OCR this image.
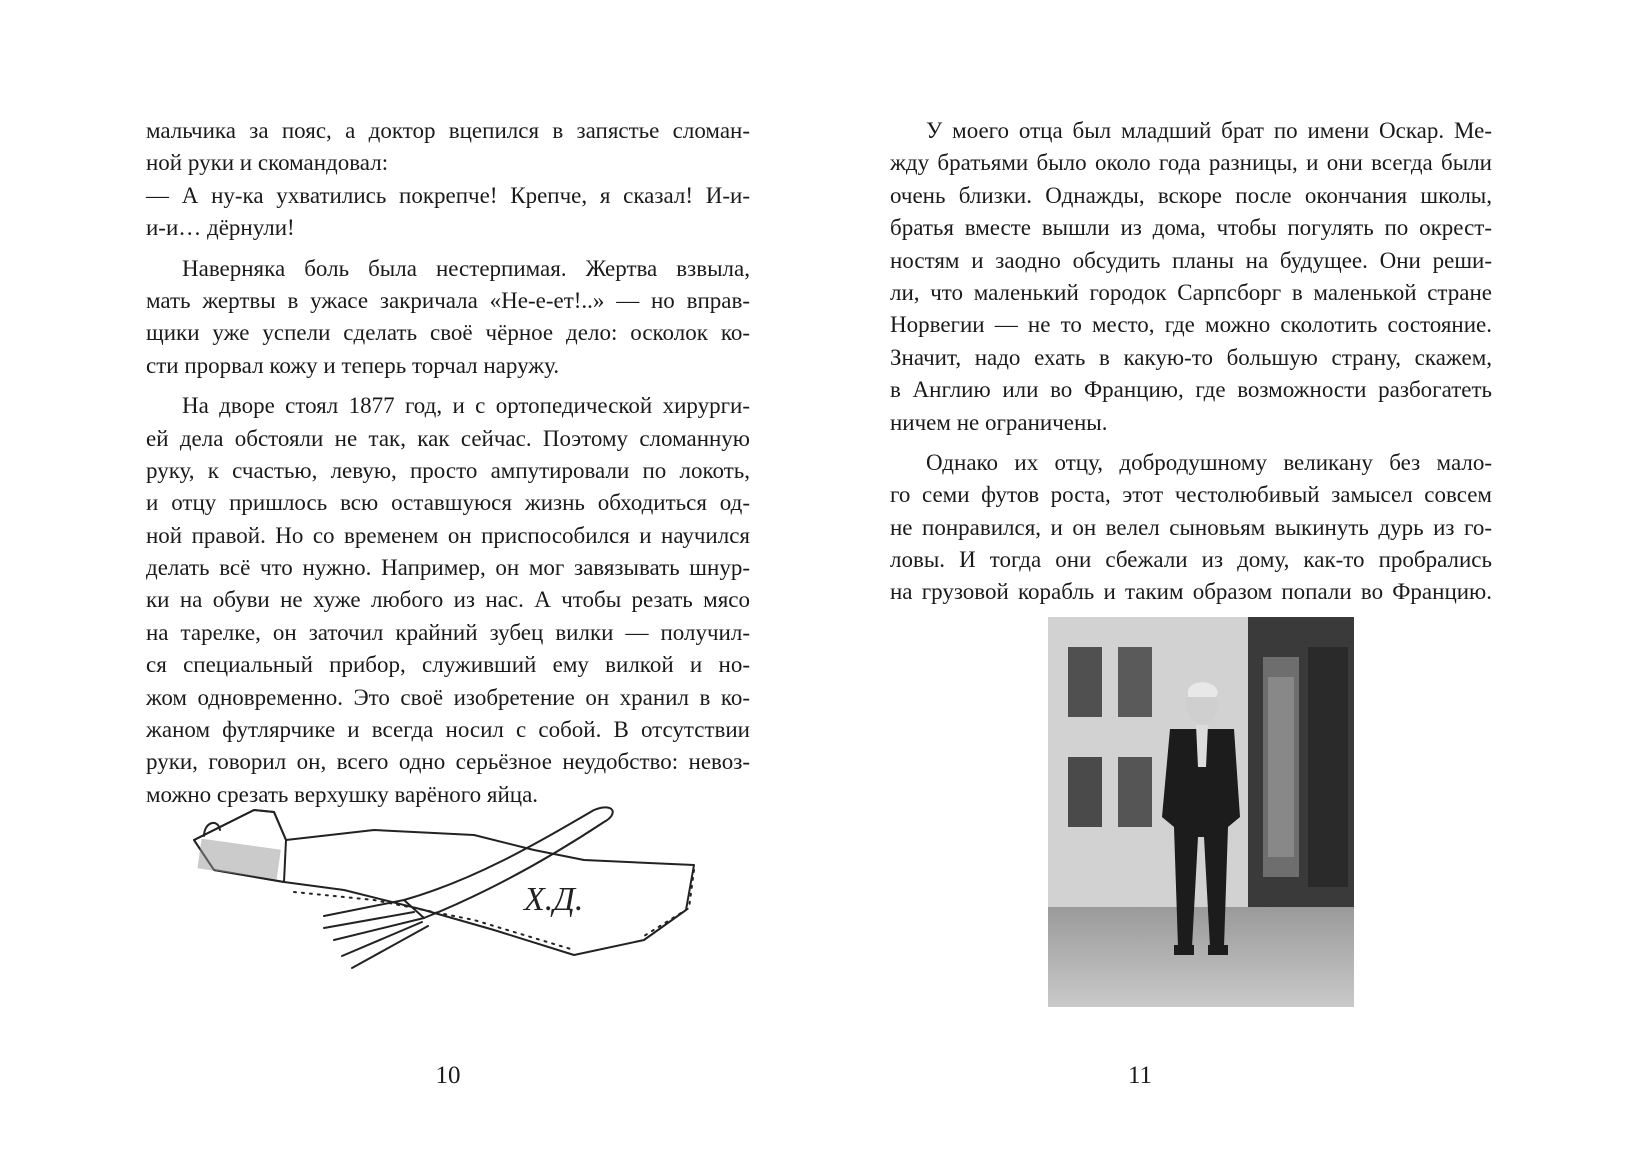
мальчика за пояс, а доктор вцепился в запястье сломан-
ной руки и скомандовал:
— А ну-ка ухватились покрепче! Крепче, я сказал! И-и-
и-и… дёрнули!
Наверняка боль была нестерпимая. Жертва взвыла,
мать жертвы в ужасе закричала «Не-е-ет!..» — но вправ-
щики уже успели сделать своё чёрное дело: осколок ко-
сти прорвал кожу и теперь торчал наружу.
На дворе стоял 1877 год, и с ортопедической хирурги-
ей дела обстояли не так, как сейчас. Поэтому сломанную
руку, к счастью, левую, просто ампутировали по локоть,
и отцу пришлось всю оставшуюся жизнь обходиться од-
ной правой. Но со временем он приспособился и научился
делать всё что нужно. Например, он мог завязывать шнур-
ки на обуви не хуже любого из нас. А чтобы резать мясо
на тарелке, он заточил крайний зубец вилки — получил-
ся специальный прибор, служивший ему вилкой и но-
жом одновременно. Это своё изобретение он хранил в ко-
жаном футлярчике и всегда носил с собой. В отсутствии
руки, говорил он, всего одно серьёзное неудобство: невоз-
можно срезать верхушку варёного яйца.
Х.Д.
10
У моего отца был младший брат по имени Оскар. Ме-
жду братьями было около года разницы, и они всегда были
очень близки. Однажды, вскоре после окончания школы,
братья вместе вышли из дома, чтобы погулять по окрест-
ностям и заодно обсудить планы на будущее. Они реши-
ли, что маленький городок Сарпсборг в маленькой стране
Норвегии — не то место, где можно сколотить состояние.
Значит, надо ехать в какую-то большую страну, скажем,
в Англию или во Францию, где возможности разбогатеть
ничем не ограничены.
Однако их отцу, добродушному великану без мало-
го семи футов роста, этот честолюбивый замысел совсем
не понравился, и он велел сыновьям выкинуть дурь из го-
ловы. И тогда они сбежали из дому, как-то пробрались
на грузовой корабль и таким образом попали во Францию.
11
